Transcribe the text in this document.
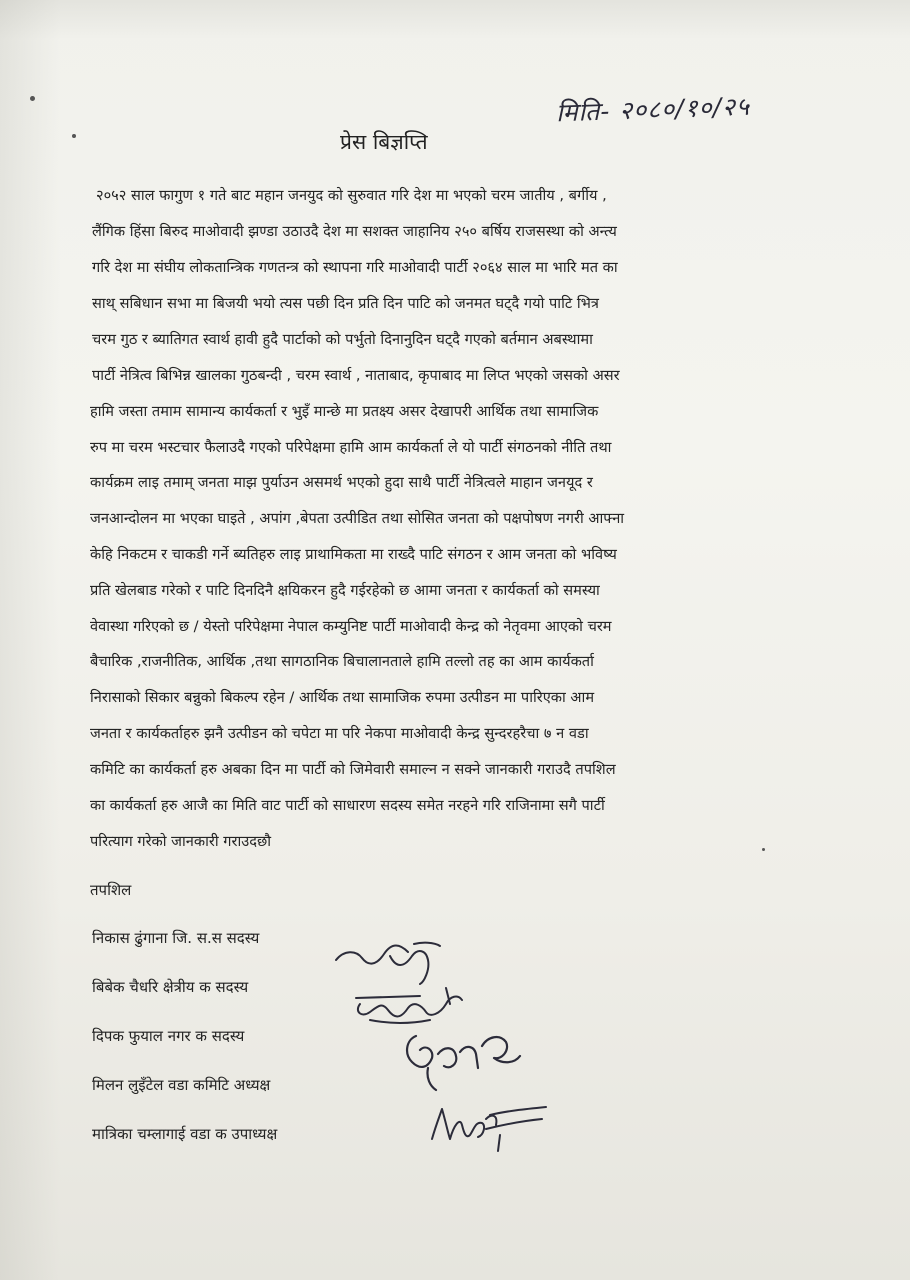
मिति- २०८०/१०/२५
प्रेस बिज्ञप्ति
२०५२ साल फागुण १ गते बाट महान जनयुद को सुरुवात गरि देश मा भएको चरम जातीय , बर्गीय ,
लैंगिक हिंसा बिरुद माओवादी झण्डा उठाउदै देश मा सशक्त जाहानिय २५० बर्षिय राजसस्था को अन्त्य
गरि देश मा संघीय लोकतान्त्रिक गणतन्त्र को स्थापना गरि माओवादी पार्टी २०६४ साल मा भारि मत का
साथ् सबिधान सभा मा बिजयी भयो त्यस पछी दिन प्रति दिन पाटि को जनमत घट्दै गयो पाटि भित्र
चरम गुठ र ब्यातिगत स्वार्थ हावी हुदै पार्टाको को पर्भुतो दिनानुदिन घट्दै गएको बर्तमान अबस्थामा
पार्टी नेत्रित्व बिभिन्न खालका गुठबन्दी , चरम स्वार्थ , नाताबाद, कृपाबाद मा लिप्त भएको जसको असर
हामि जस्ता तमाम सामान्य कार्यकर्ता र भुइँ मान्छे मा प्रतक्ष्य असर देखापरी आर्थिक तथा सामाजिक
रुप मा चरम भस्टचार फैलाउदै गएको परिपेक्षमा हामि आम कार्यकर्ता ले यो पार्टी संगठनको नीति तथा
कार्यक्रम लाइ तमाम् जनता माझ पुर्याउन असमर्थ भएको हुदा साथै पार्टी नेत्रित्वले माहान जनयूद र
जनआन्दोलन मा भएका घाइते , अपांग ,बेपता उत्पीडित तथा सोसित जनता को पक्षपोषण नगरी आफ्ना
केहि निकटम र चाकडी गर्ने ब्यतिहरु लाइ प्राथामिकता मा राख्दै पाटि संगठन र आम जनता को भविष्य
प्रति खेलबाड गरेको र पाटि दिनदिनै क्षयिकरन हुदै गईरहेको छ आमा जनता र कार्यकर्ता को समस्या
वेवास्था गरिएको छ / येस्तो परिपेक्षमा नेपाल कम्युनिष्ट पार्टी माओवादी केन्द्र को नेतृवमा आएको चरम
बैचारिक ,राजनीतिक, आर्थिक ,तथा सागठानिक बिचालानताले हामि तल्लो तह का आम कार्यकर्ता
निरासाको सिकार बन्नुको बिकल्प रहेन / आर्थिक तथा सामाजिक रुपमा उत्पीडन मा पारिएका आम
जनता र कार्यकर्ताहरु झनै उत्पीडन को चपेटा मा परि नेकपा माओवादी केन्द्र सुन्दरहरैचा ७ न वडा
कमिटि का कार्यकर्ता हरु अबका दिन मा पार्टी को जिमेवारी समाल्न न सक्ने जानकारी गराउदै तपशिल
का कार्यकर्ता हरु आजै का मिति वाट पार्टी को साधारण सदस्य समेत नरहने गरि राजिनामा सगै पार्टी
परित्याग गरेको जानकारी गराउदछौ
तपशिल
निकास ढुंगाना जि. स.स सदस्य
बिबेक चैधरि क्षेत्रीय क सदस्य
दिपक फुयाल नगर क सदस्य
मिलन लुइँटेल वडा कमिटि अध्यक्ष
मात्रिका चम्लागाई वडा क उपाध्यक्ष
